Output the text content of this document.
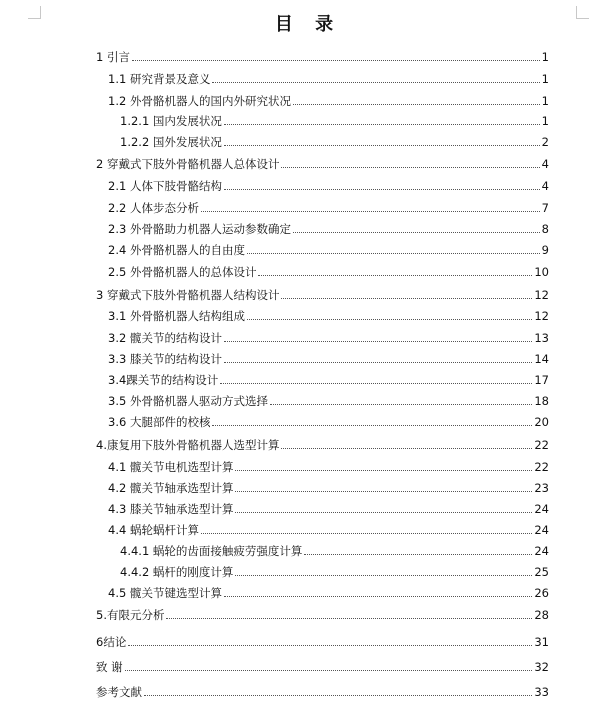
目 录
1 引言	1
1.1 研究背景及意义	1
1.2 外骨骼机器人的国内外研究状况	1
1.2.1 国内发展状况	1
1.2.2 国外发展状况	2
2 穿戴式下肢外骨骼机器人总体设计	4
2.1 人体下肢骨骼结构	4
2.2 人体步态分析	7
2.3 外骨骼助力机器人运动参数确定	8
2.4 外骨骼机器人的自由度	9
2.5 外骨骼机器人的总体设计	10
3 穿戴式下肢外骨骼机器人结构设计	12
3.1 外骨骼机器人结构组成	12
3.2 髋关节的结构设计	13
3.3 膝关节的结构设计	14
3.4踝关节的结构设计	17
3.5 外骨骼机器人驱动方式选择	18
3.6 大腿部件的校核	20
4.康复用下肢外骨骼机器人选型计算	22
4.1 髋关节电机选型计算	22
4.2 髋关节轴承选型计算	23
4.3 膝关节轴承选型计算	24
4.4 蜗轮蜗杆计算	24
4.4.1 蜗轮的齿面接触疲劳强度计算	24
4.4.2 蜗杆的刚度计算	25
4.5 髋关节键选型计算	26
5.有限元分析	28
6结论	31
致 谢	32
参考文献	33
